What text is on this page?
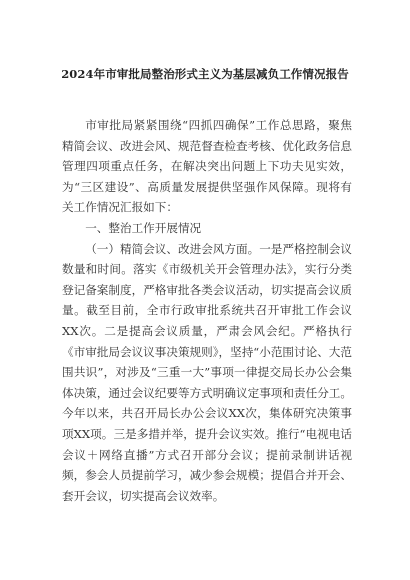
2024年市审批局整治形式主义为基层减负工作情况报告

市审批局紧紧围绕“四抓四确保”工作总思路，聚焦精简会议、改进会风、规范督查检查考核、优化政务信息管理四项重点任务，在解决突出问题上下功夫见实效，为“三区建设”、高质量发展提供坚强作风保障。现将有关工作情况汇报如下：

一、整治工作开展情况

（一）精简会议、改进会风方面。一是严格控制会议数量和时间。落实《市级机关开会管理办法》，实行分类登记备案制度，严格审批各类会议活动，切实提高会议质量。截至目前，全市行政审批系统共召开审批工作会议XX次。二是提高会议质量，严肃会风会纪。严格执行《市审批局会议议事决策规则》，坚持“小范围讨论、大范围共识”，对涉及“三重一大”事项一律提交局长办公会集体决策，通过会议纪要等方式明确议定事项和责任分工。今年以来，共召开局长办公会议XX次，集体研究决策事项XX项。三是多措并举，提升会议实效。推行“电视电话会议＋网络直播”方式召开部分会议；提前录制讲话视频，参会人员提前学习，减少参会规模；提倡合并开会、套开会议，切实提高会议效率。
